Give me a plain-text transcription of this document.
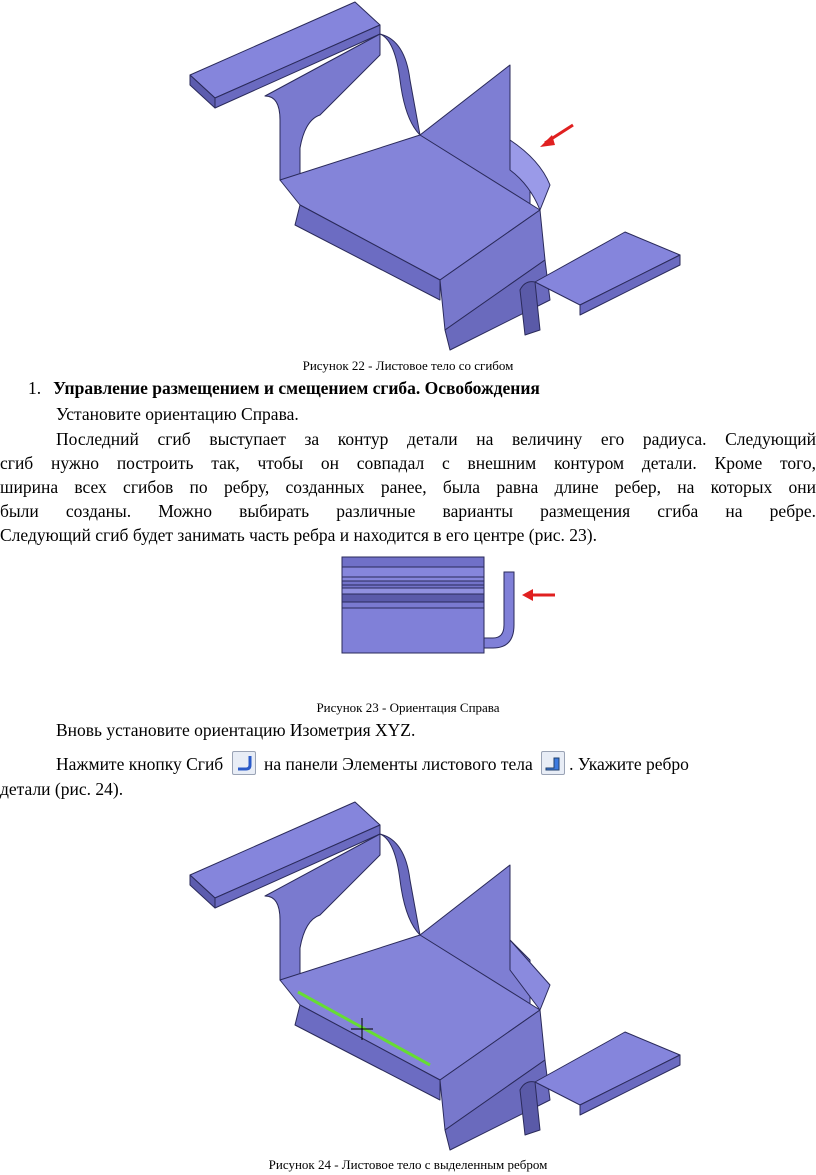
Рисунок 22 - Листовое тело со сгибом
1. Управление размещением и смещением сгиба. Освобождения
Установите ориентацию Справа.
Последний сгиб выступает за контур детали на величину его радиуса. Следующий
сгиб нужно построить так, чтобы он совпадал с внешним контуром детали. Кроме того,
ширина всех сгибов по ребру, созданных ранее, была равна длине ребер, на которых они
были созданы. Можно выбирать различные варианты размещения сгиба на ребре.
Следующий сгиб будет занимать часть ребра и находится в его центре (рис. 23).
Рисунок 23 - Ориентация Справа
Вновь установите ориентацию Изометрия XYZ.
Нажмите кнопку Сгиб на панели Элементы листового тела . Укажите ребро
детали (рис. 24).
Рисунок 24 - Листовое тело с выделенным ребром
